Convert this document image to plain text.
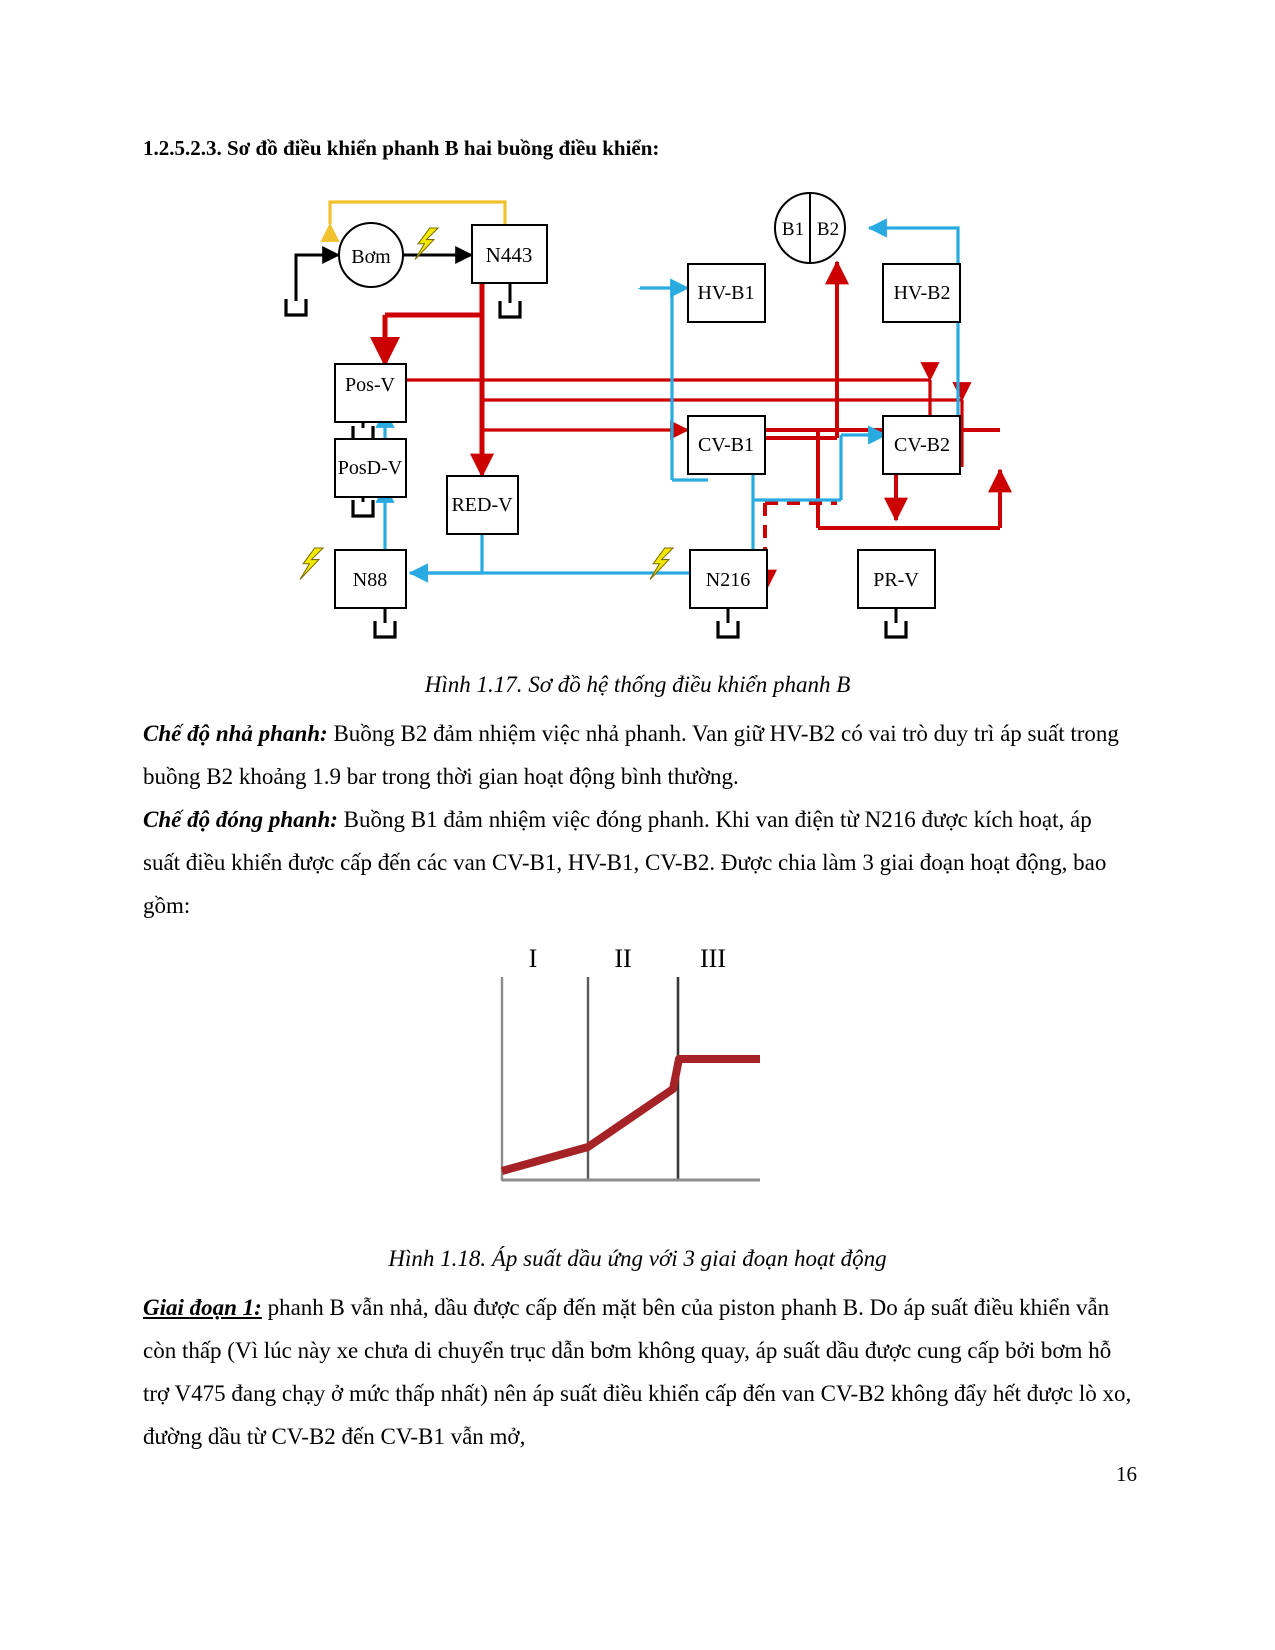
1.2.5.2.3. Sơ đồ điều khiển phanh B hai buồng điều khiển:
N443
Bơm
Pos-V
PosD-V
RED-V
N88
HV-B1	HV-B2
CV-B1	CV-B2
N216	PR-V
B1 B2
Hình 1.17. Sơ đồ hệ thống điều khiển phanh B
Chế độ nhả phanh: Buồng B2 đảm nhiệm việc nhả phanh. Van giữ HV-B2 có vai trò duy trì áp suất trong buồng B2 khoảng 1.9 bar trong thời gian hoạt động bình thường.
Chế độ đóng phanh: Buồng B1 đảm nhiệm việc đóng phanh. Khi van điện từ N216 được kích hoạt, áp suất điều khiển được cấp đến các van CV-B1, HV-B1, CV-B2. Được chia làm 3 giai đoạn hoạt động, bao gồm:
I	II	III
Hình 1.18. Áp suất dầu ứng với 3 giai đoạn hoạt động
Giai đoạn 1: phanh B vẫn nhả, dầu được cấp đến mặt bên của piston phanh B. Do áp suất điều khiển vẫn còn thấp (Vì lúc này xe chưa di chuyển trục dẫn bơm không quay, áp suất dầu được cung cấp bởi bơm hỗ trợ V475 đang chạy ở mức thấp nhất) nên áp suất điều khiển cấp đến van CV-B2 không đẩy hết được lò xo, đường dầu từ CV-B2 đến CV-B1 vẫn mở,
16
